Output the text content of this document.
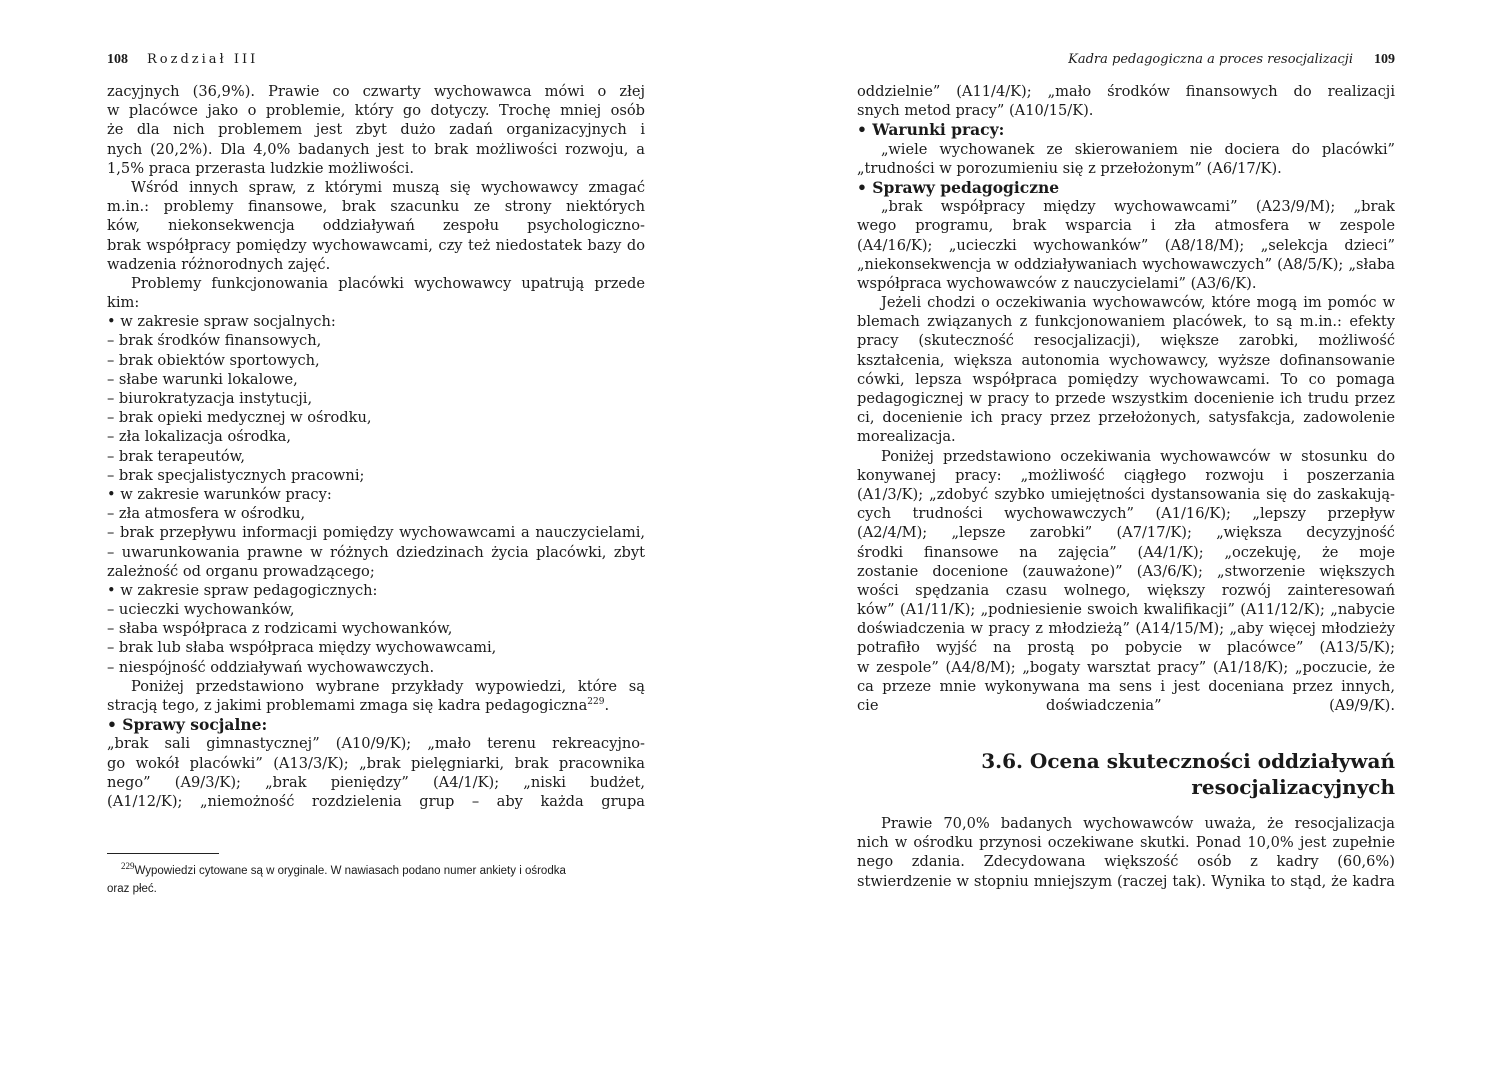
108 Rozdział III
zacyjnych (36,9%). Prawie co czwarty wychowawca mówi o złej
w placówce jako o problemie, który go dotyczy. Trochę mniej osób
że dla nich problemem jest zbyt dużo zadań organizacyjnych i
nych (20,2%). Dla 4,0% badanych jest to brak możliwości rozwoju, a
1,5% praca przerasta ludzkie możliwości.
Wśród innych spraw, z którymi muszą się wychowawcy zmagać
m.in.: problemy finansowe, brak szacunku ze strony niektórych
ków, niekonsekwencja oddziaływań zespołu psychologiczno-
brak współpracy pomiędzy wychowawcami, czy też niedostatek bazy do
wadzenia różnorodnych zajęć.
Problemy funkcjonowania placówki wychowawcy upatrują przede
kim:
• w zakresie spraw socjalnych:
– brak środków finansowych,
– brak obiektów sportowych,
– słabe warunki lokalowe,
– biurokratyzacja instytucji,
– brak opieki medycznej w ośrodku,
– zła lokalizacja ośrodka,
– brak terapeutów,
– brak specjalistycznych pracowni;
• w zakresie warunków pracy:
– zła atmosfera w ośrodku,
– brak przepływu informacji pomiędzy wychowawcami a nauczycielami,
– uwarunkowania prawne w różnych dziedzinach życia placówki, zbyt
zależność od organu prowadzącego;
• w zakresie spraw pedagogicznych:
– ucieczki wychowanków,
– słaba współpraca z rodzicami wychowanków,
– brak lub słaba współpraca między wychowawcami,
– niespójność oddziaływań wychowawczych.
Poniżej przedstawiono wybrane przykłady wypowiedzi, które są
stracją tego, z jakimi problemami zmaga się kadra pedagogiczna$^{229}$.
• Sprawy socjalne:
„brak sali gimnastycznej” (A10/9/K); „mało terenu rekreacyjno-
go wokół placówki” (A13/3/K); „brak pielęgniarki, brak pracownika
nego” (A9/3/K); „brak pieniędzy” (A4/1/K); „niski budżet,
(A1/12/K); „niemożność rozdzielenia grup – aby każda grupa
$^{229}$Wypowiedzi cytowane są w oryginale. W nawiasach podano numer ankiety i ośrodka
oraz płeć.
Kadra pedagogiczna a proces resocjalizacji 109
oddzielnie” (A11/4/K); „mało środków finansowych do realizacji
snych metod pracy” (A10/15/K).
• Warunki pracy:
„wiele wychowanek ze skierowaniem nie dociera do placówki”
„trudności w porozumieniu się z przełożonym” (A6/17/K).
• Sprawy pedagogiczne
„brak współpracy między wychowawcami” (A23/9/M); „brak
wego programu, brak wsparcia i zła atmosfera w zespole
(A4/16/K); „ucieczki wychowanków” (A8/18/M); „selekcja dzieci”
„niekonsekwencja w oddziaływaniach wychowawczych” (A8/5/K); „słaba
współpraca wychowawców z nauczycielami” (A3/6/K).
Jeżeli chodzi o oczekiwania wychowawców, które mogą im pomóc w
blemach związanych z funkcjonowaniem placówek, to są m.in.: efekty
pracy (skuteczność resocjalizacji), większe zarobki, możliwość
kształcenia, większa autonomia wychowawcy, wyższe dofinansowanie
cówki, lepsza współpraca pomiędzy wychowawcami. To co pomaga
pedagogicznej w pracy to przede wszystkim docenienie ich trudu przez
ci, docenienie ich pracy przez przełożonych, satysfakcja, zadowolenie
morealizacja.
Poniżej przedstawiono oczekiwania wychowawców w stosunku do
konywanej pracy: „możliwość ciągłego rozwoju i poszerzania
(A1/3/K); „zdobyć szybko umiejętności dystansowania się do zaskakują-
cych trudności wychowawczych” (A1/16/K); „lepszy przepływ
(A2/4/M); „lepsze zarobki” (A7/17/K); „większa decyzyjność
środki finansowe na zajęcia” (A4/1/K); „oczekuję, że moje
zostanie docenione (zauważone)” (A3/6/K); „stworzenie większych
wości spędzania czasu wolnego, większy rozwój zainteresowań
ków” (A1/11/K); „podniesienie swoich kwalifikacji” (A11/12/K); „nabycie
doświadczenia w pracy z młodzieżą” (A14/15/M); „aby więcej młodzieży
potrafiło wyjść na prostą po pobycie w placówce” (A13/5/K);
w zespole” (A4/8/M); „bogaty warsztat pracy” (A1/18/K); „poczucie, że
ca przeze mnie wykonywana ma sens i jest doceniana przez innych,
cie doświadczenia” (A9/9/K).
3.6. Ocena skuteczności oddziaływań
resocjalizacyjnych
Prawie 70,0% badanych wychowawców uważa, że resocjalizacja
nich w ośrodku przynosi oczekiwane skutki. Ponad 10,0% jest zupełnie
nego zdania. Zdecydowana większość osób z kadry (60,6%)
stwierdzenie w stopniu mniejszym (raczej tak). Wynika to stąd, że kadra
